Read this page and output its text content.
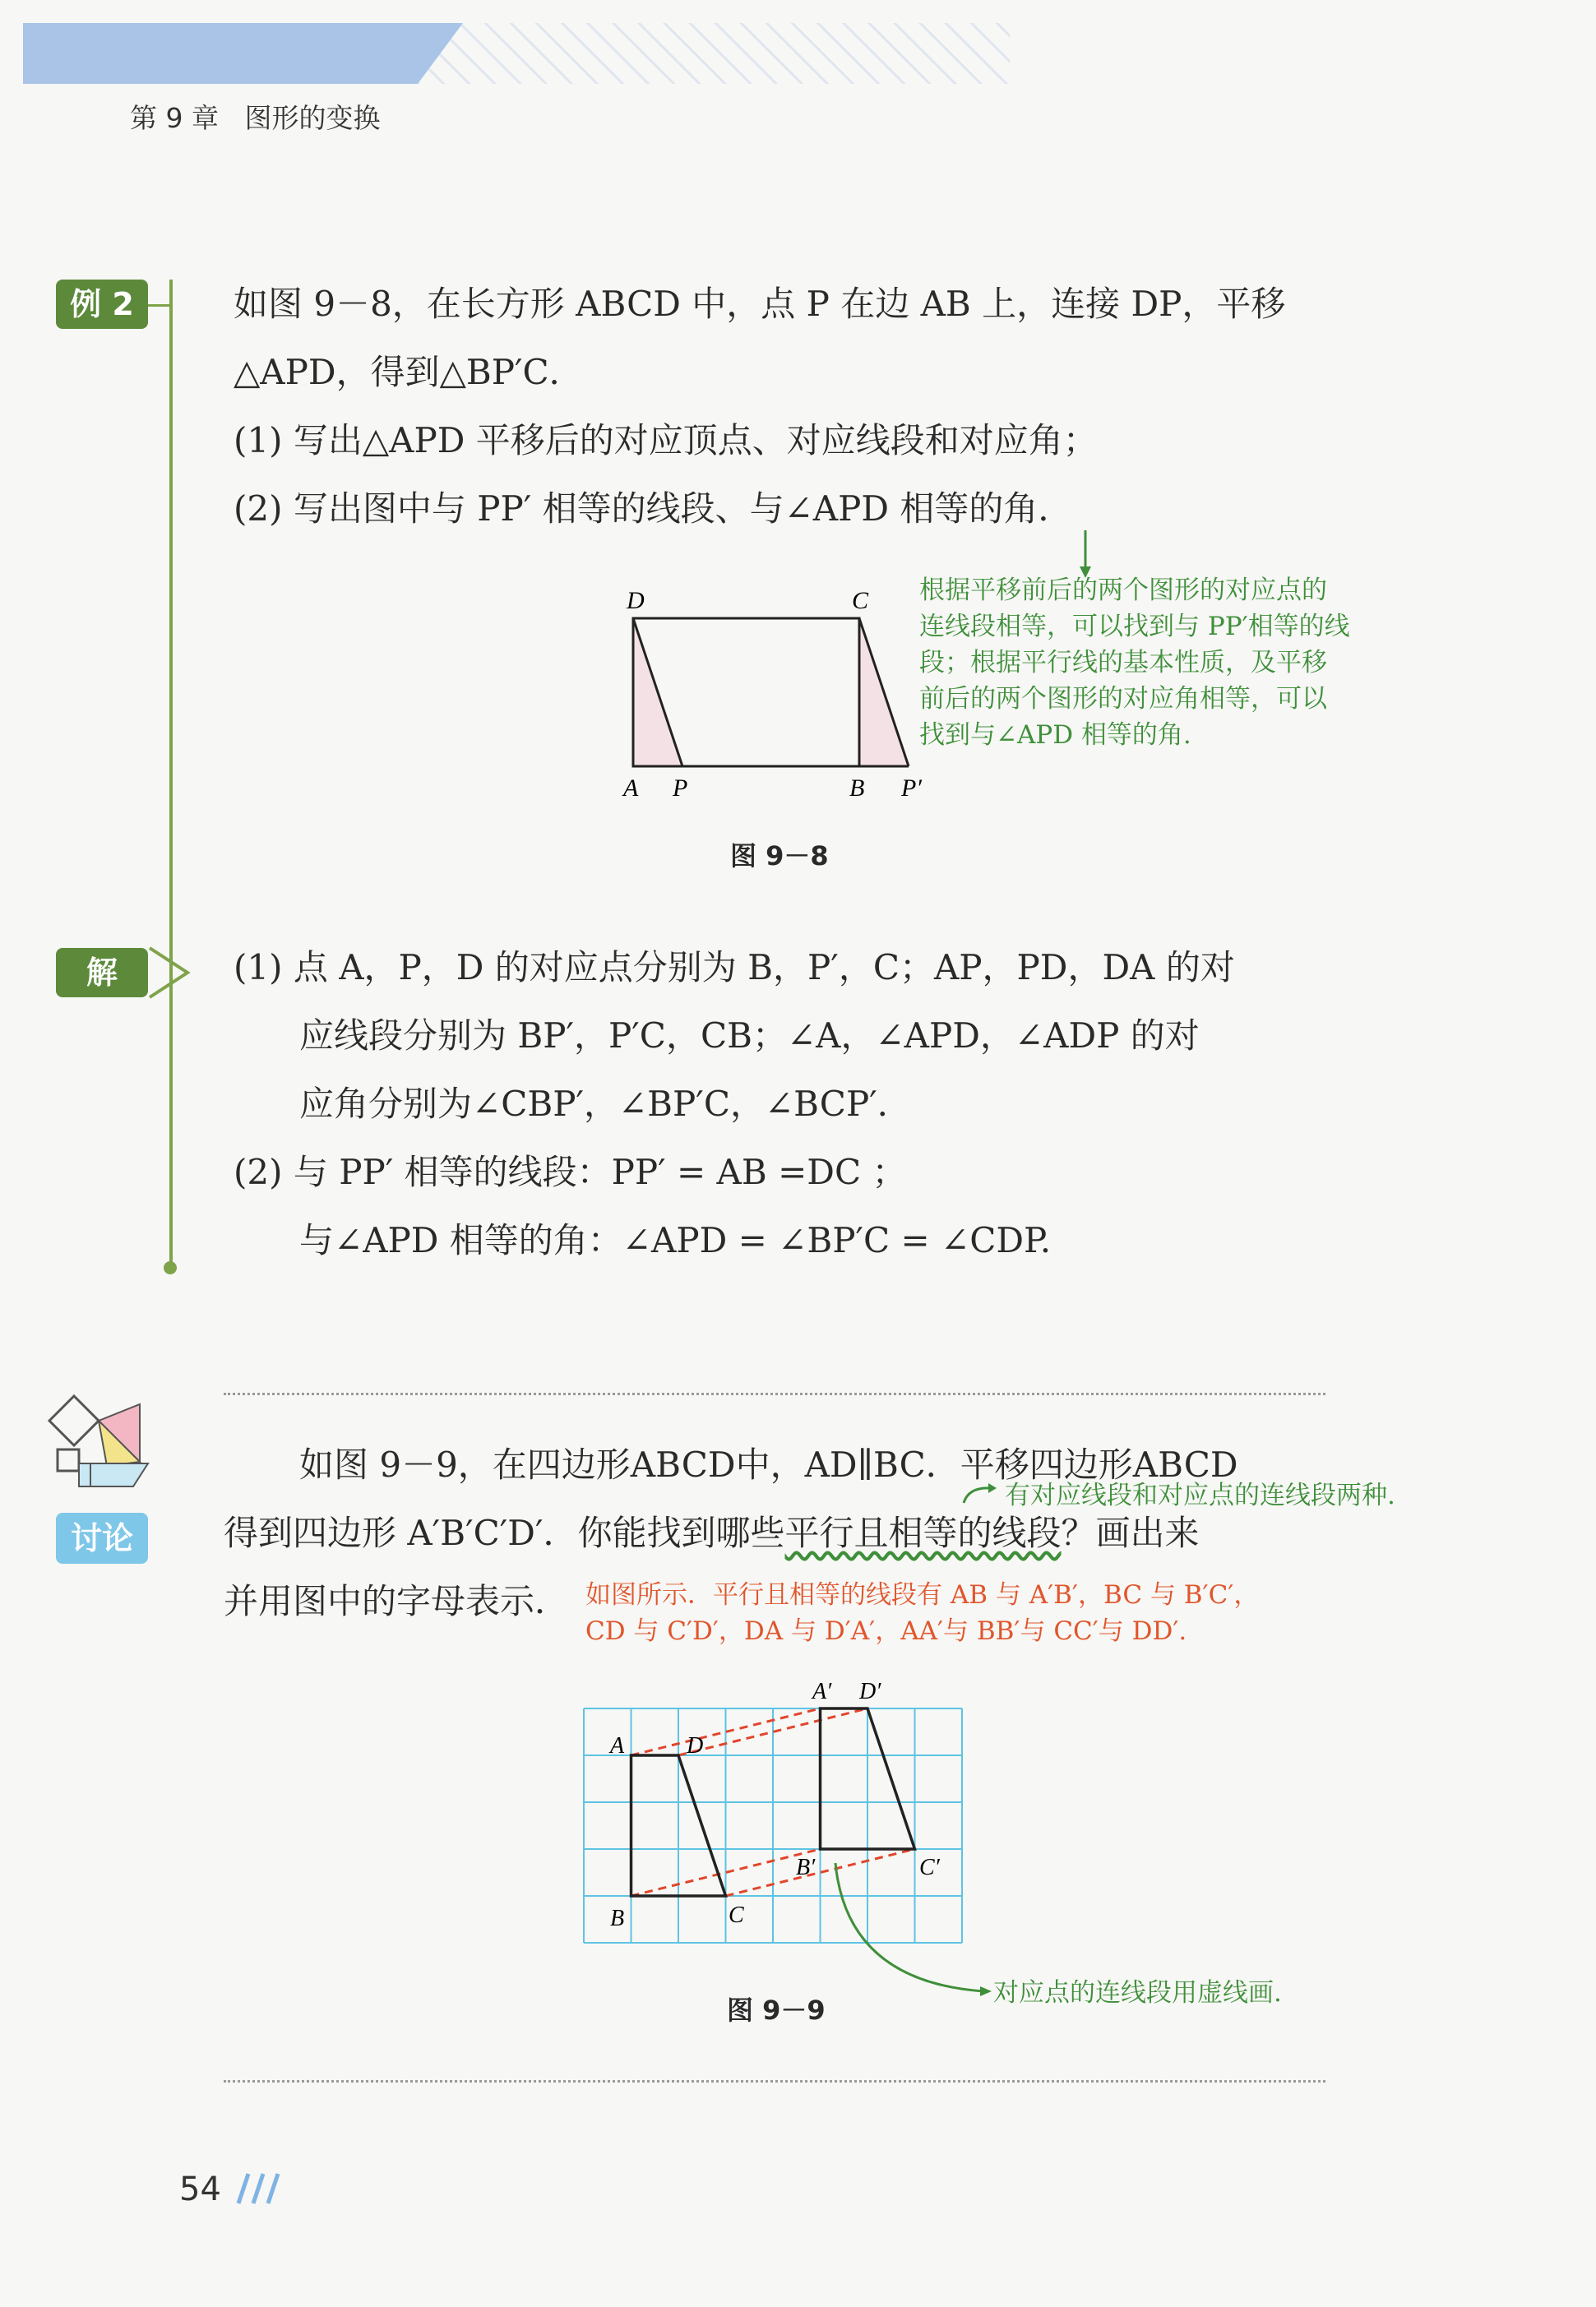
第 9 章 图形的变换
例 2	如图 9－8，在长方形 ABCD 中，点 P 在边 AB 上，连接 DP，平移
△APD，得到△BP′C．
(1) 写出△APD 平移后的对应顶点、对应线段和对应角；
(2) 写出图中与 PP′ 相等的线段、与∠APD 相等的角．
根据平移前后的两个图形的对应点的
连线段相等，可以找到与 PP′相等的线
段；根据平行线的基本性质，及平移
前后的两个图形的对应角相等，可以
找到与∠APD 相等的角.
D	C
A P	B P′
图 9－8
解	(1) 点 A，P，D 的对应点分别为 B，P′，C；AP，PD，DA 的对
应线段分别为 BP′，P′C，CB；∠A，∠APD，∠ADP 的对
应角分别为∠CBP′，∠BP′C，∠BCP′．
(2) 与 PP′ 相等的线段：PP′ = AB =DC ；
与∠APD 相等的角：∠APD = ∠BP′C = ∠CDP.
讨论
如图 9－9，在四边形ABCD中，AD∥BC．平移四边形ABCD
有对应线段和对应点的连线段两种.
得到四边形 A′B′C′D′．你能找到哪些平行且相等的线段？画出来
并用图中的字母表示． 如图所示．平行且相等的线段有 AB 与 A′B′，BC 与 B′C′，
CD 与 C′D′，DA 与 D′A′，AA′与 BB′与 CC′与 DD′.
A	D
B	C
A′ D′
B′	C′
图 9－9
对应点的连线段用虚线画.
54
